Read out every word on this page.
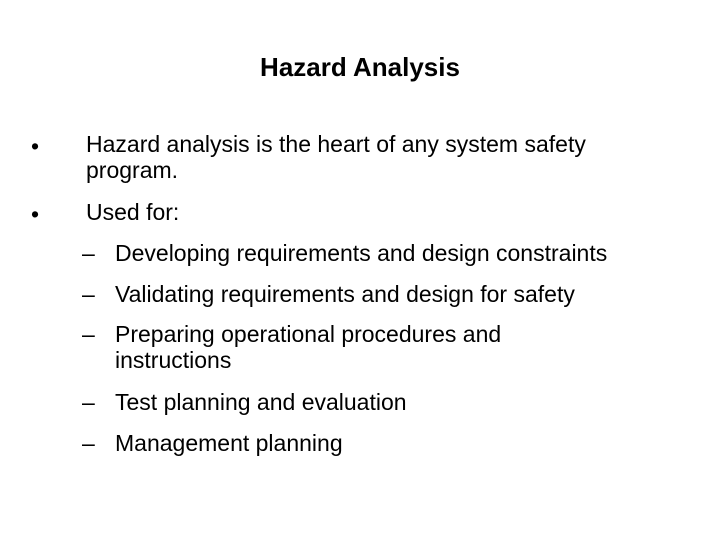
Hazard Analysis
• Hazard analysis is the heart of any system safety program.
• Used for:
– Developing requirements and design constraints
– Validating requirements and design for safety
– Preparing operational procedures and instructions
– Test planning and evaluation
– Management planning
